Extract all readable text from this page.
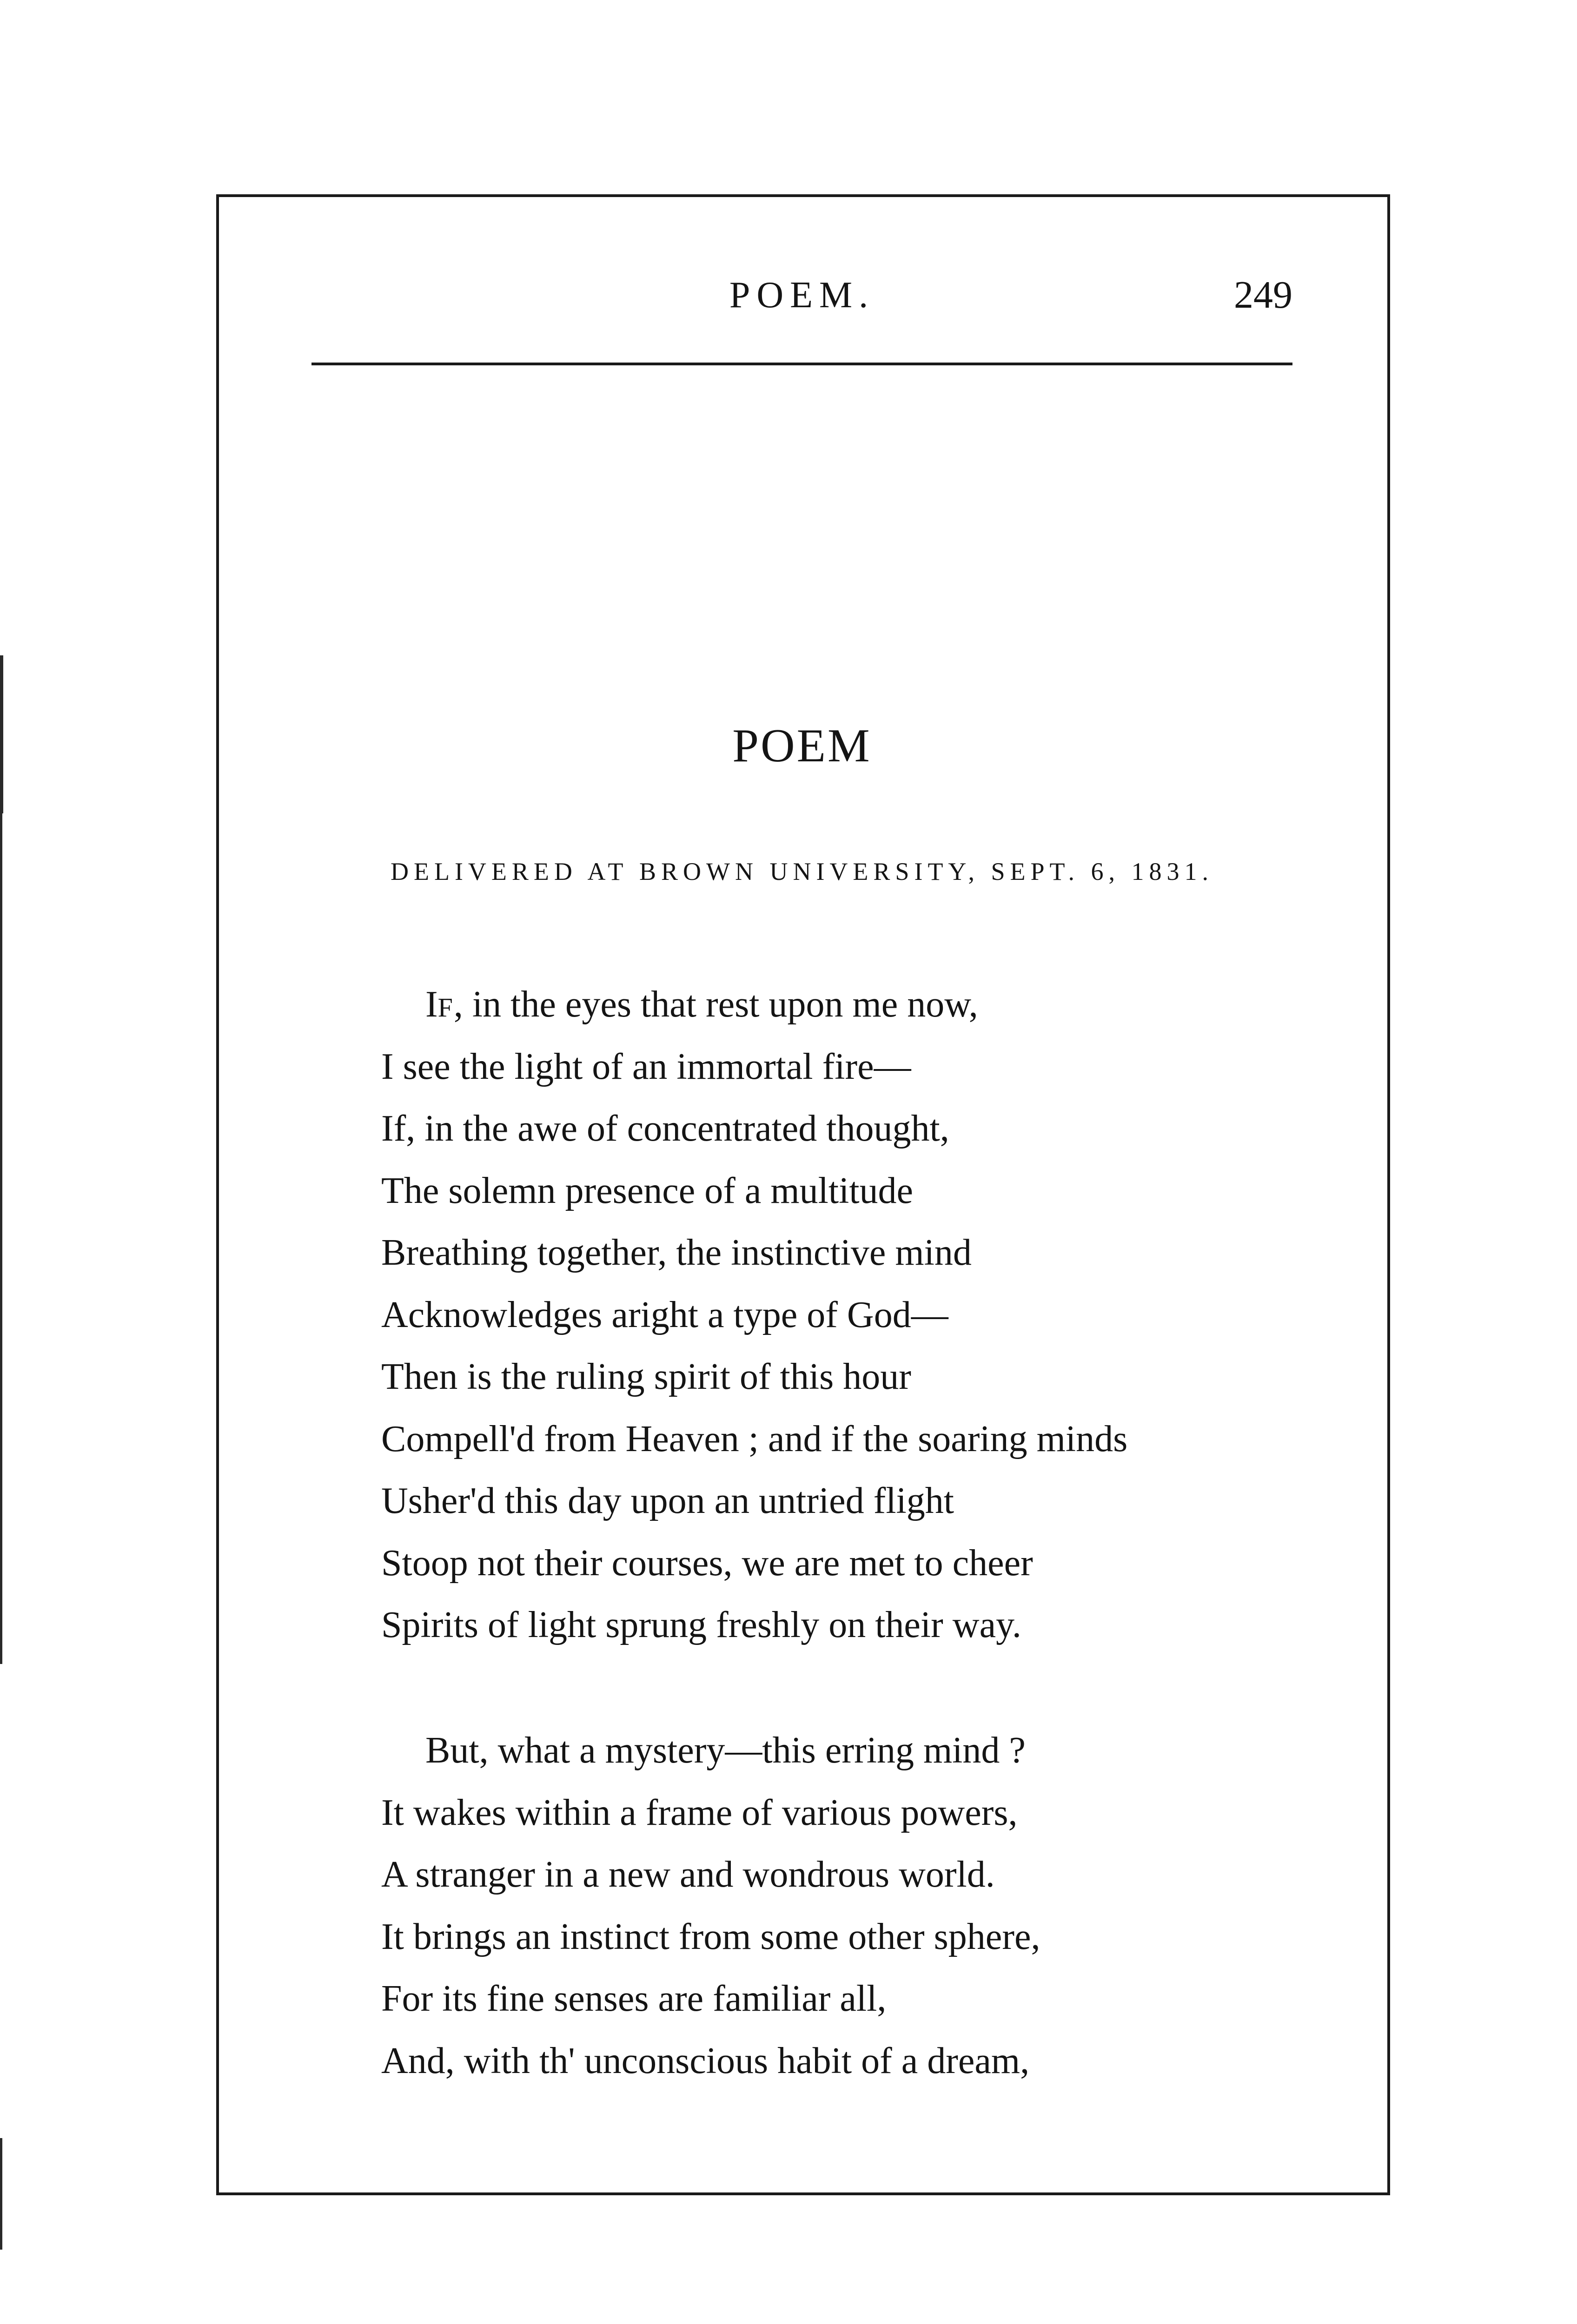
POEM.	249
POEM
DELIVERED AT BROWN UNIVERSITY, SEPT. 6, 1831.
IF, in the eyes that rest upon me now,
I see the light of an immortal fire—
If, in the awe of concentrated thought,
The solemn presence of a multitude
Breathing together, the instinctive mind
Acknowledges aright a type of God—
Then is the ruling spirit of this hour
Compell'd from Heaven ; and if the soaring minds
Usher'd this day upon an untried flight
Stoop not their courses, we are met to cheer
Spirits of light sprung freshly on their way.
But, what a mystery—this erring mind ?
It wakes within a frame of various powers,
A stranger in a new and wondrous world.
It brings an instinct from some other sphere,
For its fine senses are familiar all,
And, with th' unconscious habit of a dream,
